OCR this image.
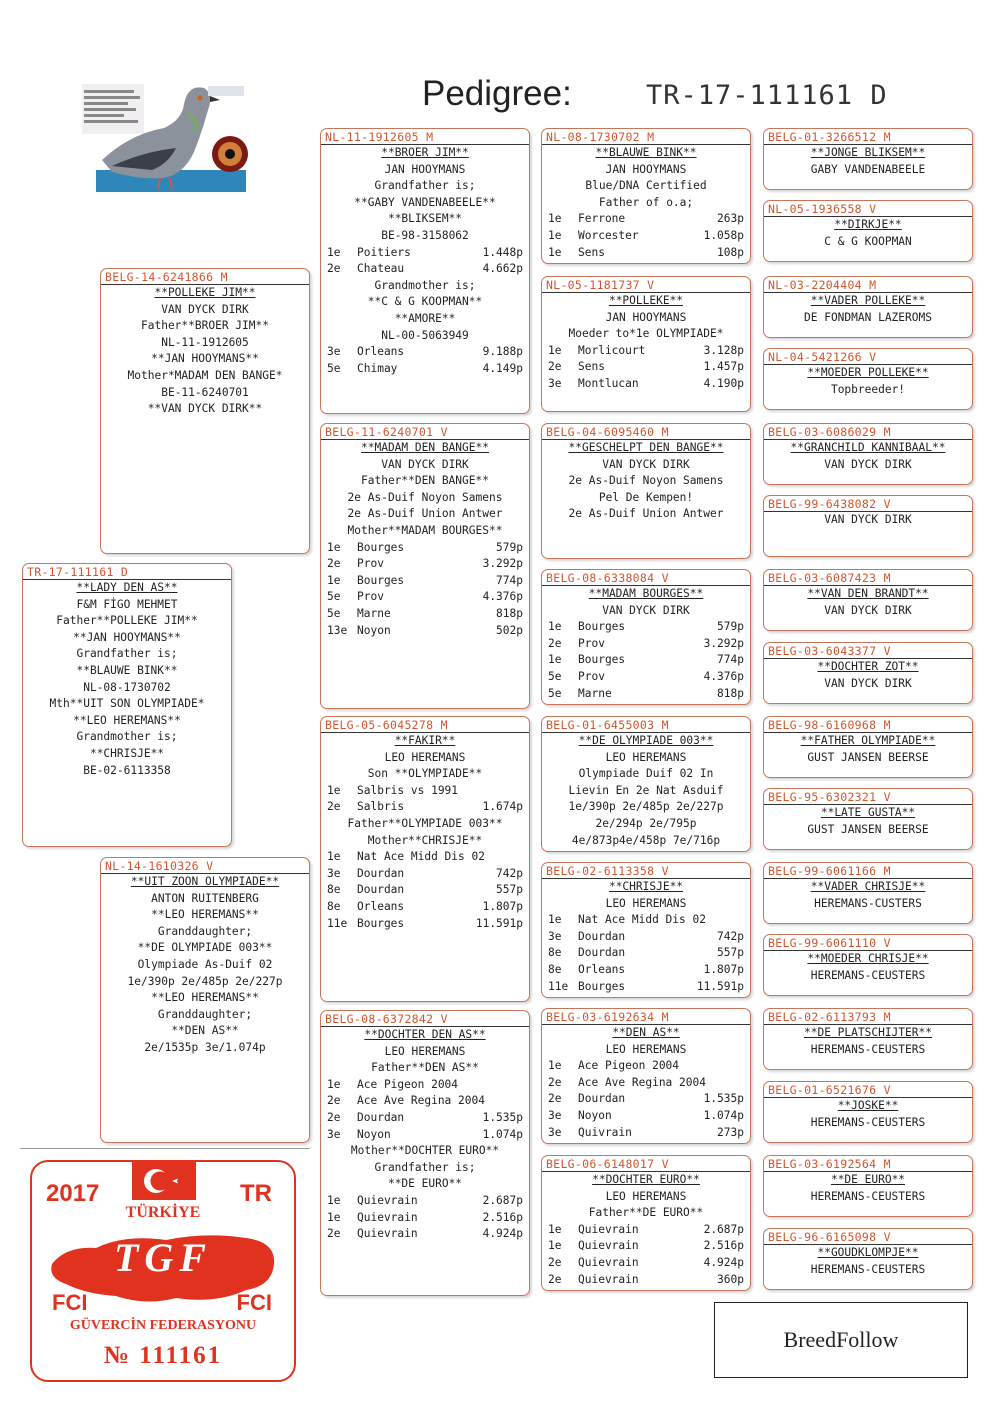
Pedigree:	TR-17-111161 D
TR-17-111161 D
**LADY DEN AS**
F&M FİGO MEHMET
Father**POLLEKE JIM**
**JAN HOOYMANS**
Grandfather is;
**BLAUWE BINK**
NL-08-1730702
Mth**UIT SON OLYMPIADE*
**LEO HEREMANS**
Grandmother is;
**CHRISJE**
BE-02-6113358
BELG-14-6241866 M
**POLLEKE JIM**
VAN DYCK DIRK
Father**BROER JIM**
NL-11-1912605
**JAN HOOYMANS**
Mother*MADAM DEN BANGE*
BE-11-6240701
**VAN DYCK DIRK**
NL-14-1610326 V
**UIT ZOON OLYMPIADE**
ANTON RUITENBERG
**LEO HEREMANS**
Granddaughter;
**DE OLYMPIADE 003**
Olympiade As-Duif 02
1e/390p 2e/485p 2e/227p
**LEO HEREMANS**
Granddaughter;
**DEN AS**
2e/1535p 3e/1.074p
NL-11-1912605 M
**BROER JIM**
JAN HOOYMANS
Grandfather is;
**GABY VANDENABEELE**
**BLIKSEM**
BE-98-3158062
1e	Poitiers	1.448p
2e	Chateau	4.662p
Grandmother is;
**C & G KOOPMAN**
**AMORE**
NL-00-5063949
3e	Orleans	9.188p
5e	Chimay	4.149p
BELG-11-6240701 V
**MADAM DEN BANGE**
VAN DYCK DIRK
Father**DEN BANGE**
2e As-Duif Noyon Samens
2e As-Duif Union Antwer
Mother**MADAM BOURGES**
1e	Bourges	579p
2e	Prov	3.292p
1e	Bourges	774p
5e	Prov	4.376p
5e	Marne	818p
13e Noyon	502p
BELG-05-6045278 M
**FAKIR**
LEO HEREMANS
Son **OLYMPIADE**
1e	Salbris vs 1991
2e	Salbris	1.674p
Father**OLYMPIADE 003**
Mother**CHRISJE**
1e	Nat Ace Midd Dis 02
3e	Dourdan	742p
8e	Dourdan	557p
8e	Orleans	1.807p
11e Bourges	11.591p
BELG-08-6372842 V
**DOCHTER DEN AS**
LEO HEREMANS
Father**DEN AS**
1e	Ace Pigeon 2004
2e	Ace Ave Regina 2004
2e	Dourdan	1.535p
3e	Noyon	1.074p
Mother**DOCHTER EURO**
Grandfather is;
**DE EURO**
1e	Quievrain	2.687p
1e	Quievrain	2.516p
2e	Quievrain	4.924p
NL-08-1730702 M
**BLAUWE BINK**
JAN HOOYMANS
Blue/DNA Certified
Father of o.a;
1e	Ferrone	263p
1e	Worcester	1.058p
1e	Sens	108p
NL-05-1181737 V
**POLLEKE**
JAN HOOYMANS
Moeder to*1e OLYMPIADE*
1e	Morlicourt	3.128p
2e	Sens	1.457p
3e	Montlucan	4.190p
BELG-04-6095460 M
**GESCHELPT DEN BANGE**
VAN DYCK DIRK
2e As-Duif Noyon Samens
Pel De Kempen!
2e As-Duif Union Antwer
BELG-08-6338084 V
**MADAM BOURGES**
VAN DYCK DIRK
1e	Bourges	579p
2e	Prov	3.292p
1e	Bourges	774p
5e	Prov	4.376p
5e	Marne	818p
BELG-01-6455003 M
**DE OLYMPIADE 003**
LEO HEREMANS
Olympiade Duif 02 In
Lievin En 2e Nat Asduif
1e/390p 2e/485p 2e/227p
2e/294p 2e/795p
4e/873p4e/458p 7e/716p
BELG-02-6113358 V
**CHRISJE**
LEO HEREMANS
1e	Nat Ace Midd Dis 02
3e	Dourdan	742p
8e	Dourdan	557p
8e	Orleans	1.807p
11e Bourges	11.591p
BELG-03-6192634 M
**DEN AS**
LEO HEREMANS
1e	Ace Pigeon 2004
2e	Ace Ave Regina 2004
2e	Dourdan	1.535p
3e	Noyon	1.074p
3e	Quivrain	273p
BELG-06-6148017 V
**DOCHTER EURO**
LEO HEREMANS
Father**DE EURO**
1e	Quievrain	2.687p
1e	Quievrain	2.516p
2e	Quievrain	4.924p
2e	Quievrain	360p
BELG-01-3266512 M
**JONGE BLIKSEM**
GABY VANDENABEELE
NL-05-1936558 V
**DIRKJE**
C & G KOOPMAN
NL-03-2204404 M
**VADER POLLEKE**
DE FONDMAN LAZEROMS
NL-04-5421266 V
**MOEDER POLLEKE**
Topbreeder!
BELG-03-6086029 M
**GRANCHILD KANNIBAAL**
VAN DYCK DIRK
BELG-99-6438082 V
VAN DYCK DIRK
BELG-03-6087423 M
**VAN DEN BRANDT**
VAN DYCK DIRK
BELG-03-6043377 V
**DOCHTER ZOT**
VAN DYCK DIRK
BELG-98-6160968 M
**FATHER OLYMPIADE**
GUST JANSEN BEERSE
BELG-95-6302321 V
**LATE GUSTA**
GUST JANSEN BEERSE
BELG-99-6061166 M
**VADER CHRISJE**
HEREMANS-CUSTERS
BELG-99-6061110 V
**MOEDER CHRISJE**
HEREMANS-CEUSTERS
BELG-02-6113793 M
**DE PLATSCHIJTER**
HEREMANS-CEUSTERS
BELG-01-6521676 V
**JOSKE**
HEREMANS-CEUSTERS
BELG-03-6192564 M
**DE EURO**
HEREMANS-CEUSTERS
BELG-96-6165098 V
**GOUDKLOMPJE**
HEREMANS-CEUSTERS
2017	TR
TÜRKİYE
TGF
FCI	FCI
GÜVERCİN FEDERASYONU
№ 111161
BreedFollow
